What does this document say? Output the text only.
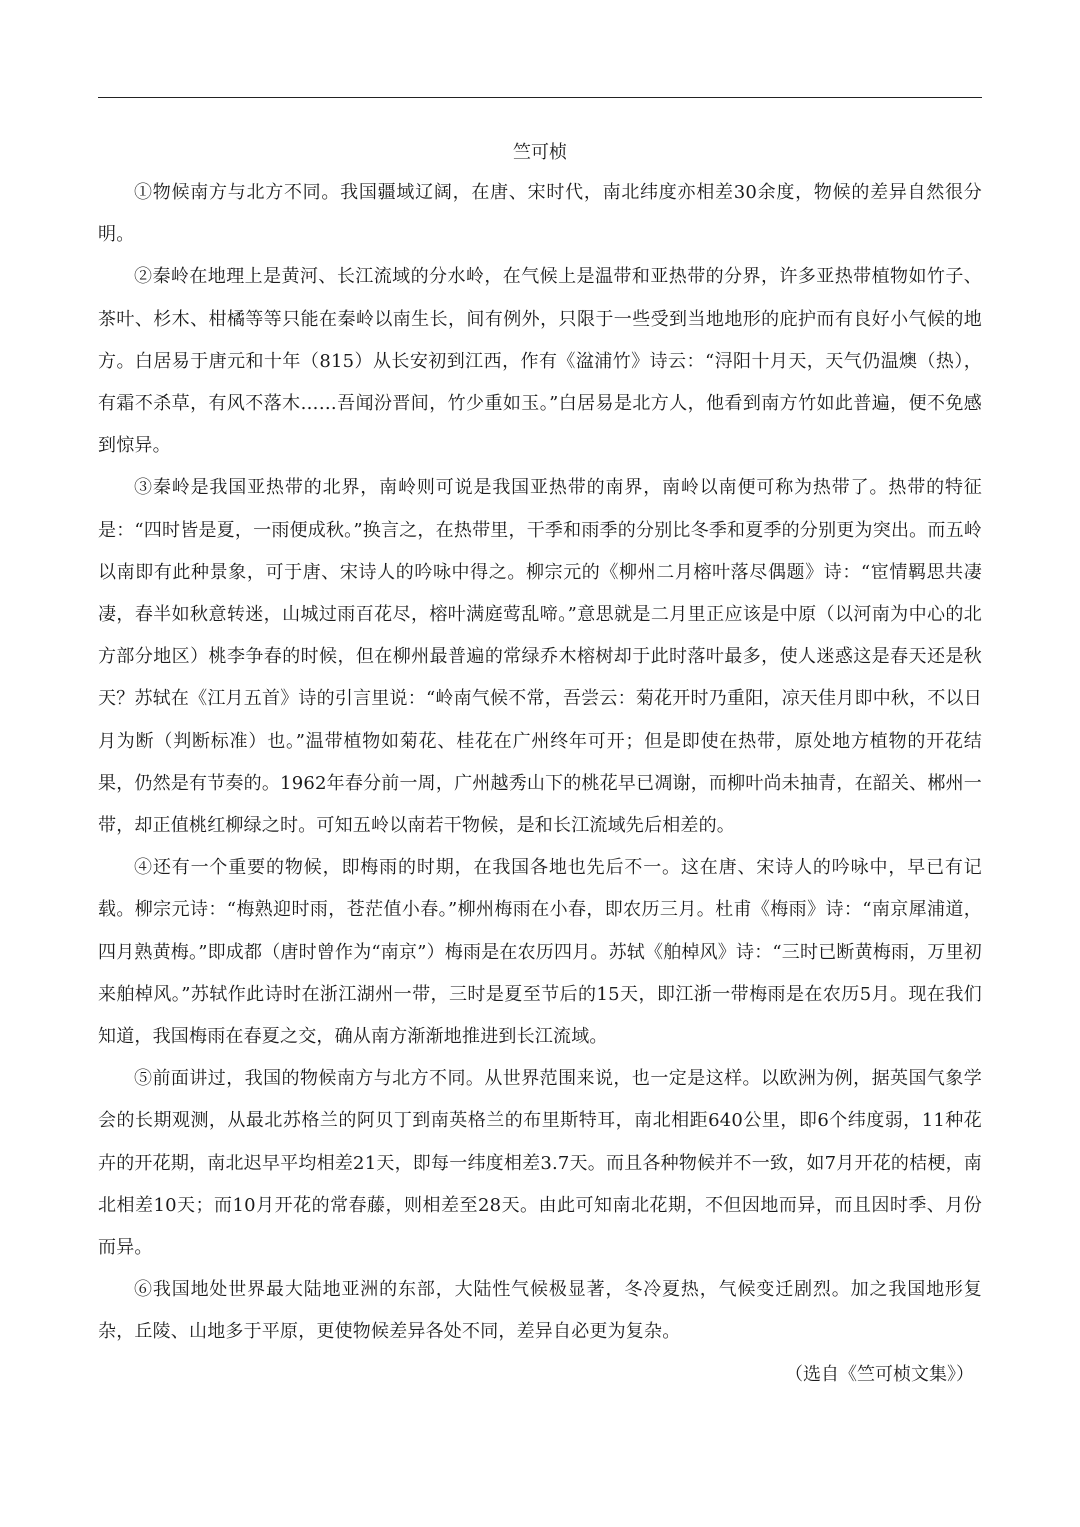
竺可桢

①物候南方与北方不同。我国疆域辽阔，在唐、宋时代，南北纬度亦相差30余度，物候的差异自然很分明。

②秦岭在地理上是黄河、长江流域的分水岭，在气候上是温带和亚热带的分界，许多亚热带植物如竹子、茶叶、杉木、柑橘等等只能在秦岭以南生长，间有例外，只限于一些受到当地地形的庇护而有良好小气候的地方。白居易于唐元和十年（815）从长安初到江西，作有《湓浦竹》诗云：“浔阳十月天，天气仍温燠（热），有霜不杀草，有风不落木……吾闻汾晋间，竹少重如玉。”白居易是北方人，他看到南方竹如此普遍，便不免感到惊异。

③秦岭是我国亚热带的北界，南岭则可说是我国亚热带的南界，南岭以南便可称为热带了。热带的特征是：“四时皆是夏，一雨便成秋。”换言之，在热带里，干季和雨季的分别比冬季和夏季的分别更为突出。而五岭以南即有此种景象，可于唐、宋诗人的吟咏中得之。柳宗元的《柳州二月榕叶落尽偶题》诗：“宦情羁思共凄凄，春半如秋意转迷，山城过雨百花尽，榕叶满庭莺乱啼。”意思就是二月里正应该是中原（以河南为中心的北方部分地区）桃李争春的时候，但在柳州最普遍的常绿乔木榕树却于此时落叶最多，使人迷惑这是春天还是秋天？苏轼在《江月五首》诗的引言里说：“岭南气候不常，吾尝云：菊花开时乃重阳，凉天佳月即中秋，不以日月为断（判断标准）也。”温带植物如菊花、桂花在广州终年可开；但是即使在热带，原处地方植物的开花结果，仍然是有节奏的。1962年春分前一周，广州越秀山下的桃花早已凋谢，而柳叶尚未抽青，在韶关、郴州一带，却正值桃红柳绿之时。可知五岭以南若干物候，是和长江流域先后相差的。

④还有一个重要的物候，即梅雨的时期，在我国各地也先后不一。这在唐、宋诗人的吟咏中，早已有记载。柳宗元诗：“梅熟迎时雨，苍茫值小春。”柳州梅雨在小春，即农历三月。杜甫《梅雨》诗：“南京犀浦道，四月熟黄梅。”即成都（唐时曾作为“南京”）梅雨是在农历四月。苏轼《舶棹风》诗：“三时已断黄梅雨，万里初来舶棹风。”苏轼作此诗时在浙江湖州一带，三时是夏至节后的15天，即江浙一带梅雨是在农历5月。现在我们知道，我国梅雨在春夏之交，确从南方渐渐地推进到长江流域。

⑤前面讲过，我国的物候南方与北方不同。从世界范围来说，也一定是这样。以欧洲为例，据英国气象学会的长期观测，从最北苏格兰的阿贝丁到南英格兰的布里斯特耳，南北相距640公里，即6个纬度弱，11种花卉的开花期，南北迟早平均相差21天，即每一纬度相差3.7天。而且各种物候并不一致，如7月开花的桔梗，南北相差10天；而10月开花的常春藤，则相差至28天。由此可知南北花期，不但因地而异，而且因时季、月份而异。

⑥我国地处世界最大陆地亚洲的东部，大陆性气候极显著，冬冷夏热，气候变迁剧烈。加之我国地形复杂，丘陵、山地多于平原，更使物候差异各处不同，差异自必更为复杂。

（选自《竺可桢文集》）
